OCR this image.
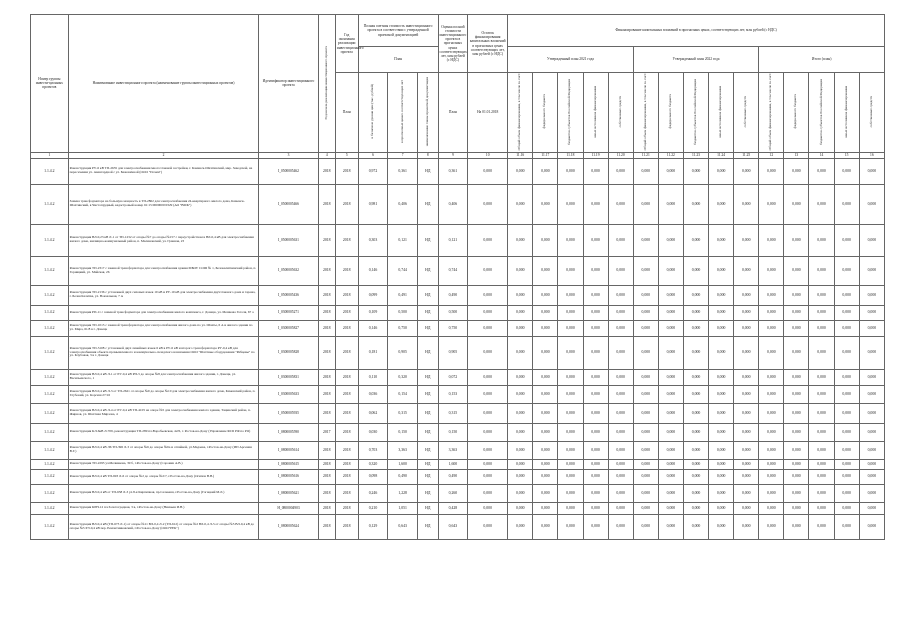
Номер группы инвести-ционных проектов	Наименование инвестиционного проекта (наименование группы инвестиционных проектов)	Идентификатор инвестиционного проекта	Год начала реализации инвестиционного проекта	Год окончания реализации инвестиционного проекта	Полная сметная стоимость инвестиционного проекта в соответствии с утвержденной проектной документацией			Оценка полной стоимости инвестиционного проекта в прогнозных ценах соответствующих лет, млн рублей (с НДС)	Остаток финансирования капитальных вложений в прогнозных ценах соответствующих лет, млн рублей (с НДС)	Финансирование капитальных вложений в прогнозных ценах, соответствующих лет, млн рублей (с НДС)														
					План					Утвержденный план 2021 года					Утвержденный план 2022 года					Итого (план)				
				План	в базисном уровне цен (тыс. рублей)	в прогнозных ценах соответствующих лет	наименование главы проектной документации	План	На 01.01.2018	Общий объем финансирования, в том числе за счет:	федерального бюджета	бюджетов субъектов Российской Федерации	иных источников финансирования	собственных средств	Общий объем финансирования, в том числе за счет:	федерального бюджета	бюджетов субъектов Российской Федерации	иных источников финансирования	собственных средств	Общий объем финансирования, в том числе за счет:	федерального бюджета	бюджетов субъектов Российской Федерации	иных источников финансирования	собственных средств
1	2	3	4	5	6	7	8	9	10	11.16	11.17	11.18	11.19	11.20	11.21	11.22	11.23	11.24	11.25	12	13	14	15	16
1.1.4.2	Реконструкция РУ-6 кВ ТП-2635 для электроснабжения многоэтажной застройки, г. Каменск-Шахтинский, мкр. Заводской, на пересечении ул. Авангардной с ул. Бажовичной (ООО "Почин")	I_0500005462	2018	2018	0,972	0,361	НД	0,361	0,000	0,000	0,000	0,000	0,000	0,000	0,000	0,000	0,000	0,000	0,000	0,000	0,000	0,000	0,000	0,000
1.1.4.2	Замена трансформатора на большую мощность в ТП-2862 для электроснабжения 24-квартирного жилого дома, Каменск-Шахтинский, в Чистопрудный, кадастровый номер 61:15:0000000:0329 (АО "ВМК")	I_0500005466	2018	2018	0,981	0,406	НД	0,406	0,000	0,000	0,000	0,000	0,000	0,000	0,000	0,000	0,000	0,000	0,000	0,000	0,000	0,000	0,000	0,000
1.1.4.2	Реконструкция ВЛ-0,23 кВ Л-1 от ТП-1232 от опоры №7 до опоры №157 с переустройством в ВЛ-0,4 кВ для электроснабжения жилого дома, жилищно-коммунальный район, п. Малиновский, ул. Гранная, 23	I_0500005631	2018	2018	0,303	0,121	НД	0,121	0,000	0,000	0,000	0,000	0,000	0,000	0,000	0,000	0,000	0,000	0,000	0,000	0,000	0,000	0,000	0,000
1.1.4.2	Реконструкция ТП-2317 с заменой трансформатора для электроснабжения здания МБОУ СОШ № 1, Белокалитвинский район, п. Горняцкий, ул. Майская, 26	I_0500005632	2018	2018	0,146	0,744	НД	0,744	0,000	0,000	0,000	0,000	0,000	0,000	0,000	0,000	0,000	0,000	0,000	0,000	0,000	0,000	0,000	0,000
1.1.4.2	Реконструкция ТП-2136 с установкой двух силовых ячеек 10 кВ и РУ-10 кВ для электроснабжения двухэтажного дома и гаража, г. Белая Калитва, ул. Вокзальная, 7 А	I_0500005436	2018	2018	0,099	0,491	НД	0,490	0,000	0,000	0,000	0,000	0,000	0,000	0,000	0,000	0,000	0,000	0,000	0,000	0,000	0,000	0,000	0,000
1.1.4.2	Реконструкция РП-11 с заменой трансформатора для электроснабжения жилого комплекса, г. Донецк, ул. Мешкова Гоголя, 67 а	I_0300005271	2018	2018	0,109	0,500	НД	0,500	0,000	0,000	0,000	0,000	0,000	0,000	0,000	0,000	0,000	0,000	0,000	0,000	0,000	0,000	0,000	0,000
1.1.4.2	Реконструкция ТП-1013 с заменой трансформатора для электроснабжения жилого дома по ул. Шахты, 6 А и жилого здания по ул. Мира, 61/8 в г. Донецк	I_0300005827	2018	2018	0,146	0,750	НД	0,750	0,000	0,000	0,000	0,000	0,000	0,000	0,000	0,000	0,000	0,000	0,000	0,000	0,000	0,000	0,000	0,000
1.1.4.2	Реконструкция ТП-3108 с установкой двух линейных ячеек 6 кВ в РУ-6 кВ и второго трансформатора РУ-0,4 кВ для электроснабжения объекта промышленного и коммунально-складского назначения ООО "Шахтные оборудования "Рябцевы" по ул. Клубовая, 3 в г. Донецк	I_0300005828	2018	2018	0,181	0,905	НД	0,905	0,000	0,000	0,000	0,000	0,000	0,000	0,000	0,000	0,000	0,000	0,000	0,000	0,000	0,000	0,000	0,000
1.1.4.2	Реконструкция ВЛ-0,4 кВ Л-1 от РУ-0,4 кВ РП-3 до опоры №8 для электроснабжения жилого здания, г. Донецк, ул. Васильевского, 1	I_0300005831	2018	2018	0,110	0,320	НД	0,072	0,000	0,000	0,000	0,000	0,000	0,000	0,000	0,000	0,000	0,000	0,000	0,000	0,000	0,000	0,000	0,000
1.1.4.2	Реконструкция ВЛ-0,4 кВ Л-3 от ТП-2621 от опоры №9 до опоры №10 для электроснабжения жилого дома, Каменский район, п. Глубокий, ул. Корсиш 27/16	I_0300005633	2018	2018	0,036	0,154	НД	0,153	0,000	0,000	0,000	0,000	0,000	0,000	0,000	0,000	0,000	0,000	0,000	0,000	0,000	0,000	0,000	0,000
1.1.4.2	Реконструкция ВЛ-0,4 кВ Л-4 от РУ-0,4 кВ ТП-4105 на опоре №5 для электроснабжения жилого здания, Тацинский район, п. Жирнов, ул. Шахтная Мирзова, 4	I_0500005935	2018	2018	0,062	0,315	НД	0,315	0,000	0,000	0,000	0,000	0,000	0,000	0,000	0,000	0,000	0,000	0,000	0,000	0,000	0,000	0,000	0,000
1.1.4.2	Реконструкция КЛ-6кВ Л-709, реконструкция ТП-289 пл.Воробьевская, 42/6, г. Ростов-на-Дону (Управление ФСБ РФ по РО)	I_0800005590	2017	2018	0,030	0,150	НД	0,150	0,000	0,000	0,000	0,000	0,000	0,000	0,000	0,000	0,000	0,000	0,000	0,000	0,000	0,000	0,000	0,000
1.1.4.2	Реконструкция ВЛ-0,4 кВ Л6 ТП-396 Л-3 от опоры №6 до опоры №6а и отпайкой, ул.Мадаева, г.Ростов-на-Дону (ИП Арсенян В.Г.)	I_0800005614	2018	2018	0,703	3,363	НД	3,363	0,000	0,000	0,000	0,000	0,000	0,000	0,000	0,000	0,000	0,000	0,000	0,000	0,000	0,000	0,000	0,000
1.1.4.2	Реконструкция ТП-2293 ул.Мечникова, 39 б, г.Ростов-на-Дону (Сорокин А.В.)	I_0800005615	2018	2018	0,320	1,600	НД	1,600	0,000	0,000	0,000	0,000	0,000	0,000	0,000	0,000	0,000	0,000	0,000	0,000	0,000	0,000	0,000	0,000
1.1.4.2	Реконструкция ВЛ-0,4 кВ ТП-693 Л-6 от опоры №2 до опоры №2/7, г.Ростов-на-Дону (Осипов В.В.)	I_0800005616	2018	2018	0,098	0,490	НД	0,490	0,000	0,000	0,000	0,000	0,000	0,000	0,000	0,000	0,000	0,000	0,000	0,000	0,000	0,000	0,000	0,000
1.1.4.2	Реконструкция ВЛ-0,4 кВ от ТП-638 Л-3 ул.8-я Кирпичная, пр.Сельмаш, г.Ростов-на-Дону (Гогацкий М.Л.)	I_0800005621	2018	2018	0,246	1,228	НД	0,260	0,000	0,000	0,000	0,000	0,000	0,000	0,000	0,000	0,000	0,000	0,000	0,000	0,000	0,000	0,000	0,000
1.1.4.2	Реконструкция КРН-12 пл.Золотоградная, 3 в, г.Ростов-на-Дону (Ниязьян И.Н.)	H_0800004903	2018	2018	0,210	1,051	НД	0,428	0,000	0,000	0,000	0,000	0,000	0,000	0,000	0,000	0,000	0,000	0,000	0,000	0,000	0,000	0,000	0,000
1.1.4.2	Реконструкция ВЛ-0,4 кВ (ТП-673 Л-1) от опоры №11 ВЛ-0,4 Л-2 (ТП-612) от опоры №2 ВЛ-0,4 Л-5 от опоры №5 ВЛ-0,4 кВ до опоры №5 РЭ-0,4 кВ пер. Ремонтниковский, г.Ростов-на-Дону (ООО"РЕК")	I_0800005624	2018	2018	0,129	0,643	НД	0,643	0,000	0,000	0,000	0,000	0,000	0,000	0,000	0,000	0,000	0,000	0,000	0,000	0,000	0,000	0,000	0,000
